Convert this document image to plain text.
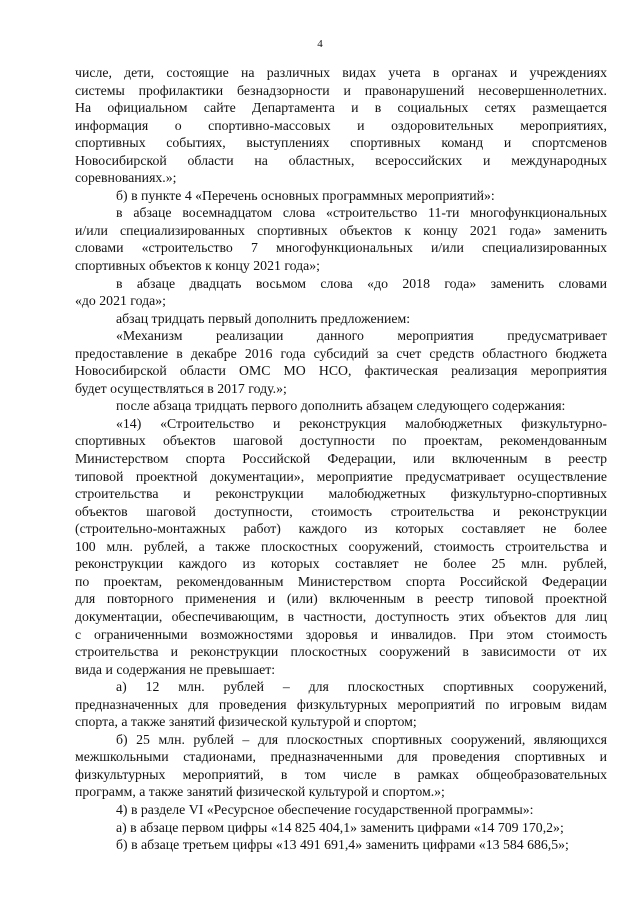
4

числе, дети, состоящие на различных видах учета в органах и учреждениях

системы профилактики безнадзорности и правонарушений несовершеннолетних.

На официальном сайте Департамента и в социальных сетях размещается

информация о спортивно-массовых и оздоровительных мероприятиях,

спортивных событиях, выступлениях спортивных команд и спортсменов

Новосибирской области на областных, всероссийских и международных

соревнованиях.»;

б) в пункте 4 «Перечень основных программных мероприятий»:

в абзаце восемнадцатом слова «строительство 11-ти многофункциональных

и/или специализированных спортивных объектов к концу 2021 года» заменить

словами «строительство 7 многофункциональных и/или специализированных

спортивных объектов к концу 2021 года»;

в абзаце двадцать восьмом слова «до 2018 года» заменить словами

«до 2021 года»;

абзац тридцать первый дополнить предложением:

«Механизм реализации данного мероприятия предусматривает

предоставление в декабре 2016 года субсидий за счет средств областного бюджета

Новосибирской области ОМС МО НСО, фактическая реализация мероприятия

будет осуществляться в 2017 году.»;

после абзаца тридцать первого дополнить абзацем следующего содержания:

«14) «Строительство и реконструкция малобюджетных физкультурно-

спортивных объектов шаговой доступности по проектам, рекомендованным

Министерством спорта Российской Федерации, или включенным в реестр

типовой проектной документации», мероприятие предусматривает осуществление

строительства и реконструкции малобюджетных физкультурно-спортивных

объектов шаговой доступности, стоимость строительства и реконструкции

(строительно-монтажных работ) каждого из которых составляет не более

100 млн. рублей, а также плоскостных сооружений, стоимость строительства и

реконструкции каждого из которых составляет не более 25 млн. рублей,

по проектам, рекомендованным Министерством спорта Российской Федерации

для повторного применения и (или) включенным в реестр типовой проектной

документации, обеспечивающим, в частности, доступность этих объектов для лиц

с ограниченными возможностями здоровья и инвалидов. При этом стоимость

строительства и реконструкции плоскостных сооружений в зависимости от их

вида и содержания не превышает:

а) 12 млн. рублей – для плоскостных спортивных сооружений,

предназначенных для проведения физкультурных мероприятий по игровым видам

спорта, а также занятий физической культурой и спортом;

б) 25 млн. рублей – для плоскостных спортивных сооружений, являющихся

межшкольными стадионами, предназначенными для проведения спортивных и

физкультурных мероприятий, в том числе в рамках общеобразовательных

программ, а также занятий физической культурой и спортом.»;

4) в разделе VI «Ресурсное обеспечение государственной программы»:

а) в абзаце первом цифры «14 825 404,1» заменить цифрами «14 709 170,2»;

б) в абзаце третьем цифры «13 491 691,4» заменить цифрами «13 584 686,5»;
